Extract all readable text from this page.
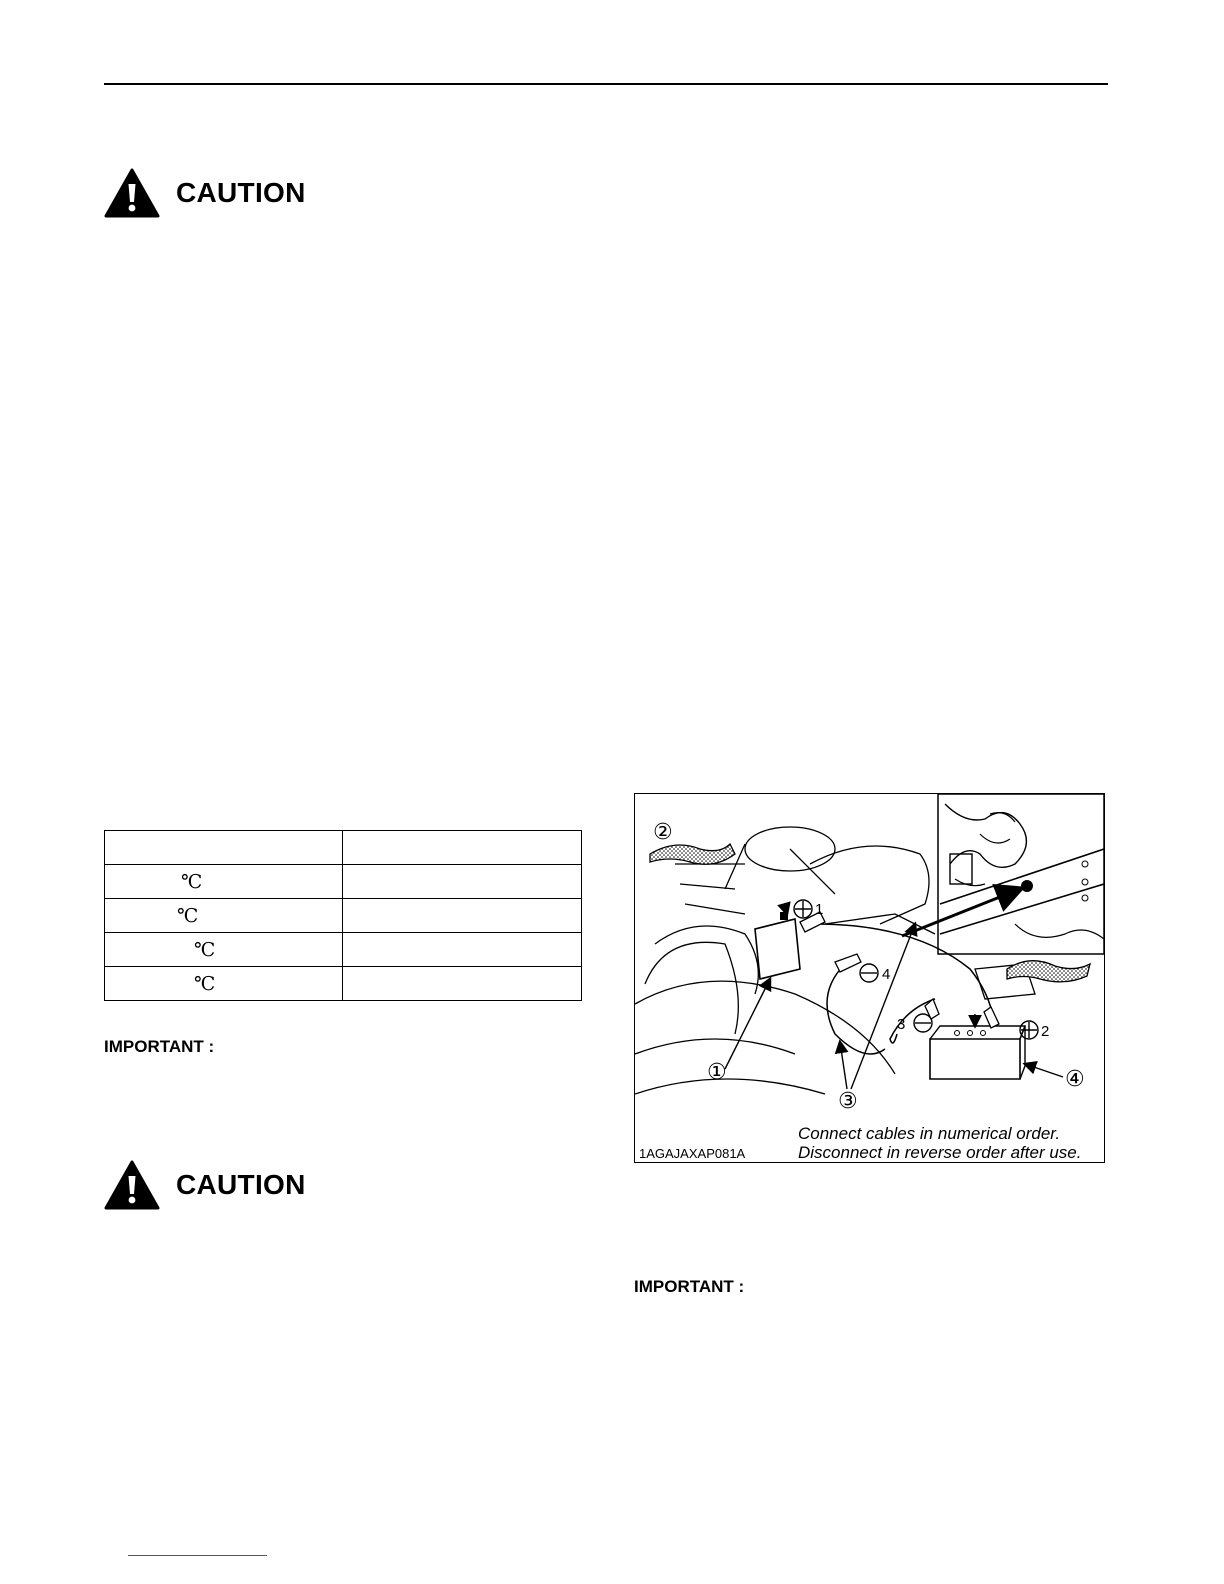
CAUTION

℃	
℃	
℃	
℃	
IMPORTANT :
CAUTION
1
4
3	2
②
①
③
④
Connect cables in numerical order.
Disconnect in reverse order after use.
1AGAJAXAP081A
IMPORTANT :
